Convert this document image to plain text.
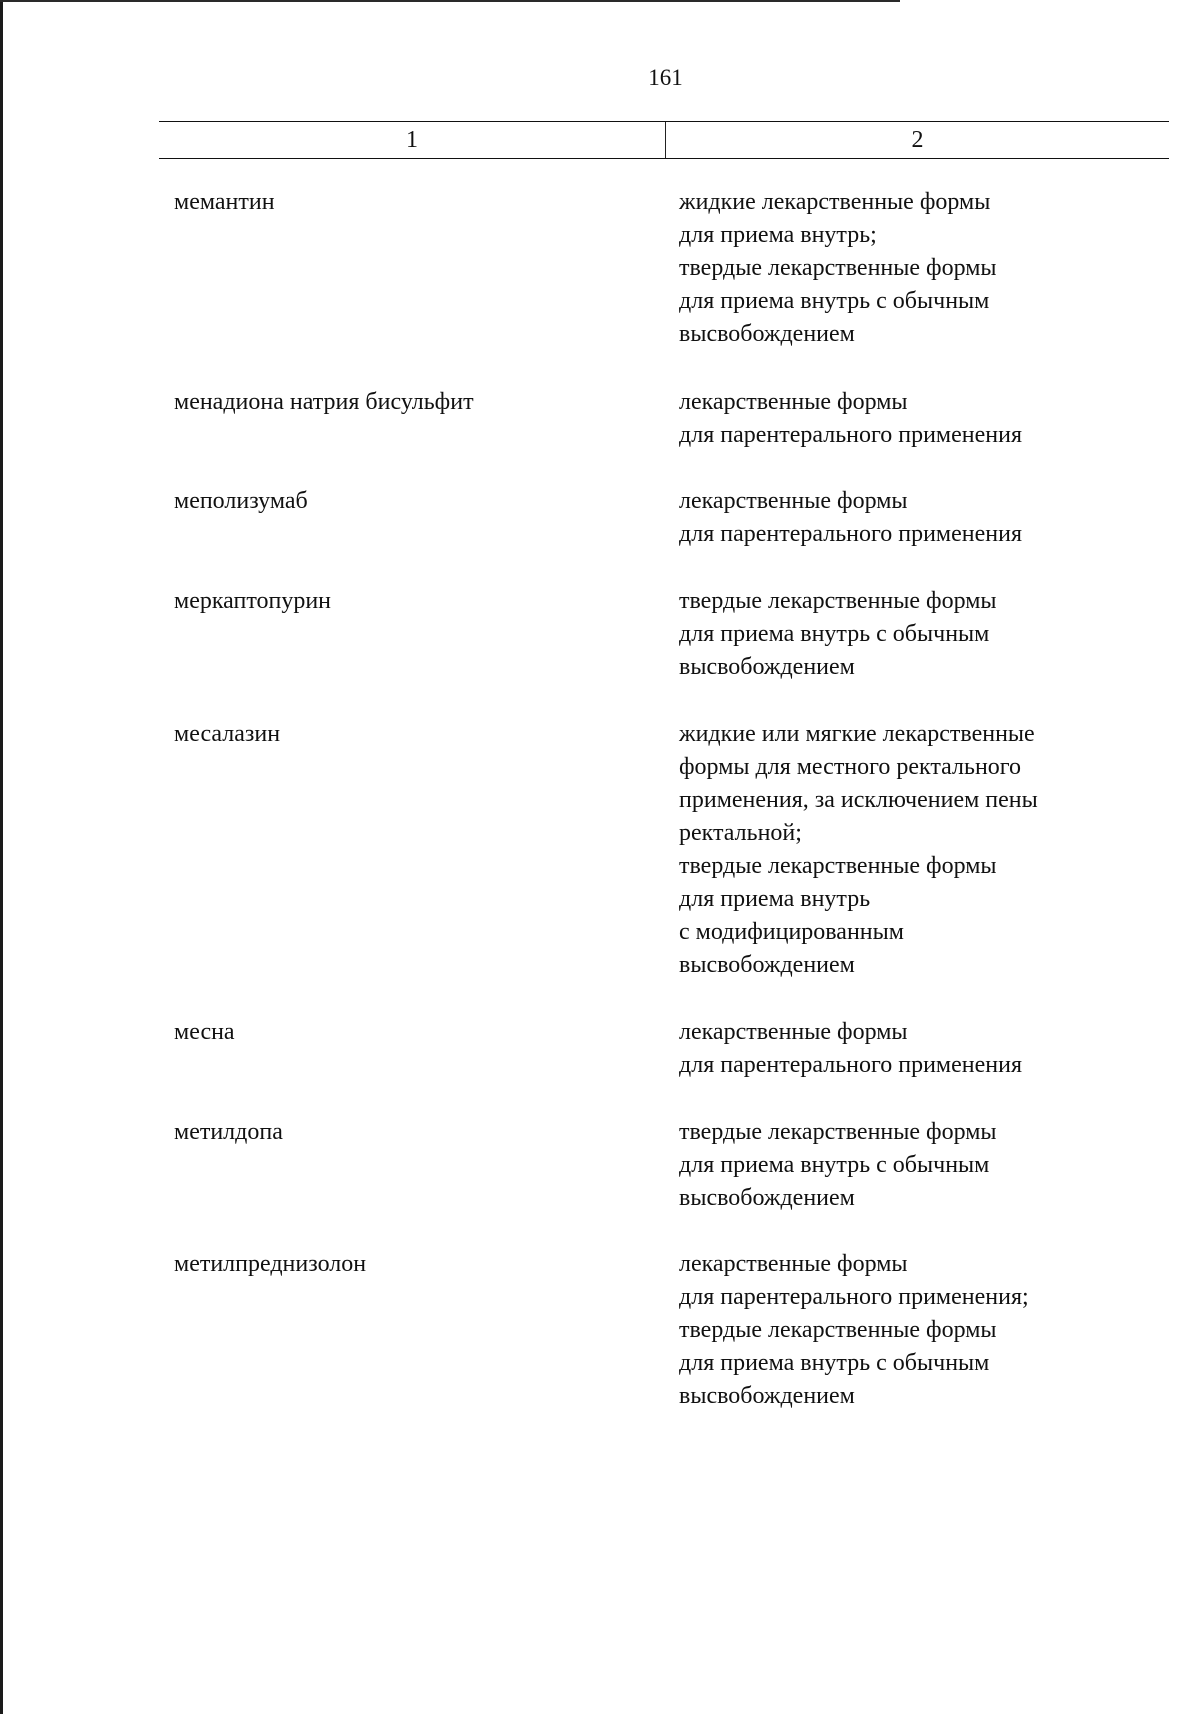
161
1	2
мемантин	жидкие лекарственные формы
для приема внутрь;
твердые лекарственные формы
для приема внутрь с обычным
высвобождением
менадиона натрия бисульфит	лекарственные формы
для парентерального применения
меполизумаб	лекарственные формы
для парентерального применения
меркаптопурин	твердые лекарственные формы
для приема внутрь с обычным
высвобождением
месалазин	жидкие или мягкие лекарственные
формы для местного ректального
применения, за исключением пены
ректальной;
твердые лекарственные формы
для приема внутрь
с модифицированным
высвобождением
месна	лекарственные формы
для парентерального применения
метилдопа	твердые лекарственные формы
для приема внутрь с обычным
высвобождением
метилпреднизолон	лекарственные формы
для парентерального применения;
твердые лекарственные формы
для приема внутрь с обычным
высвобождением
